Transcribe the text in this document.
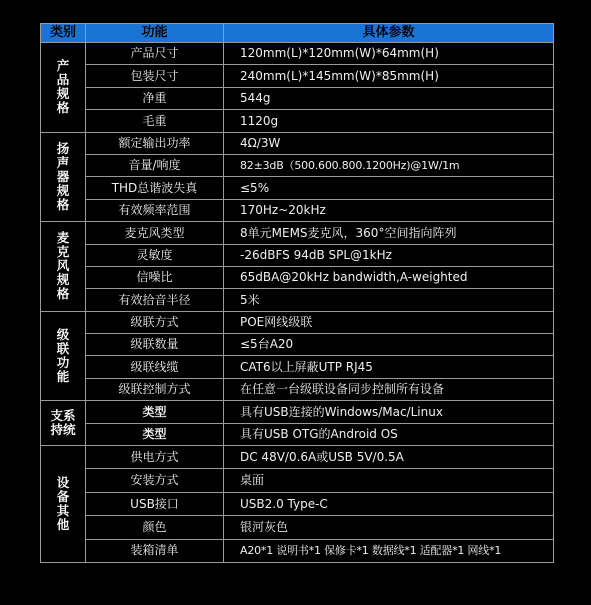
类别	功能	具体参数
产品规格	产品尺寸	120mm(L)*120mm(W)*64mm(H)
	包装尺寸	240mm(L)*145mm(W)*85mm(H)
	净重	544g
	毛重	1120g
扬声器规格	额定输出功率	4Ω/3W
	音量/响度	82±3dB（500.600.800.1200Hz)@1W/1m
	THD总谐波失真	≤5%
	有效频率范围	170Hz~20kHz
麦克风规格	麦克风类型	8单元MEMS麦克风，360°空间指向阵列
	灵敏度	-26dBFS 94dB SPL@1kHz
	信噪比	65dBA@20kHz bandwidth,A-weighted
	有效拾音半径	5米
级联功能	级联方式	POE网线级联
	级联数量	≤5台A20
	级联线缆	CAT6以上屏蔽UTP RJ45
	级联控制方式	在任意一台级联设备同步控制所有设备
支系持统	类型	具有USB连接的Windows/Mac/Linux
	类型	具有USB OTG的Android OS
设备其他	供电方式	DC 48V/0.6A或USB 5V/0.5A
	安装方式	桌面
	USB接口	USB2.0 Type-C
	颜色	银河灰色
	装箱清单	A20*1 说明书*1 保修卡*1 数据线*1 适配器*1 网线*1
